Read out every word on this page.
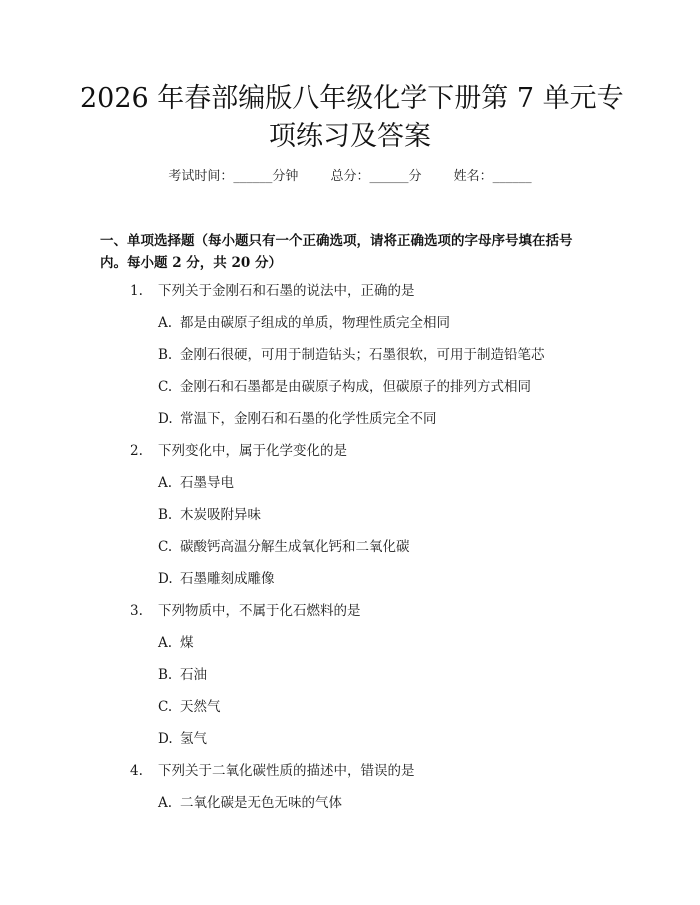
2026 年春部编版八年级化学下册第 7 单元专
项练习及答案
考试时间：______分钟 总分：______分 姓名：______
一、单项选择题（每小题只有一个正确选项，请将正确选项的字母序号填在括号
内。每小题 2 分，共 20 分）
1. 下列关于金刚石和石墨的说法中，正确的是
A. 都是由碳原子组成的单质，物理性质完全相同
B. 金刚石很硬，可用于制造钻头；石墨很软，可用于制造铅笔芯
C. 金刚石和石墨都是由碳原子构成，但碳原子的排列方式相同
D. 常温下，金刚石和石墨的化学性质完全不同
2. 下列变化中，属于化学变化的是
A. 石墨导电
B. 木炭吸附异味
C. 碳酸钙高温分解生成氧化钙和二氧化碳
D. 石墨雕刻成雕像
3. 下列物质中，不属于化石燃料的是
A. 煤
B. 石油
C. 天然气
D. 氢气
4. 下列关于二氧化碳性质的描述中，错误的是
A. 二氧化碳是无色无味的气体
